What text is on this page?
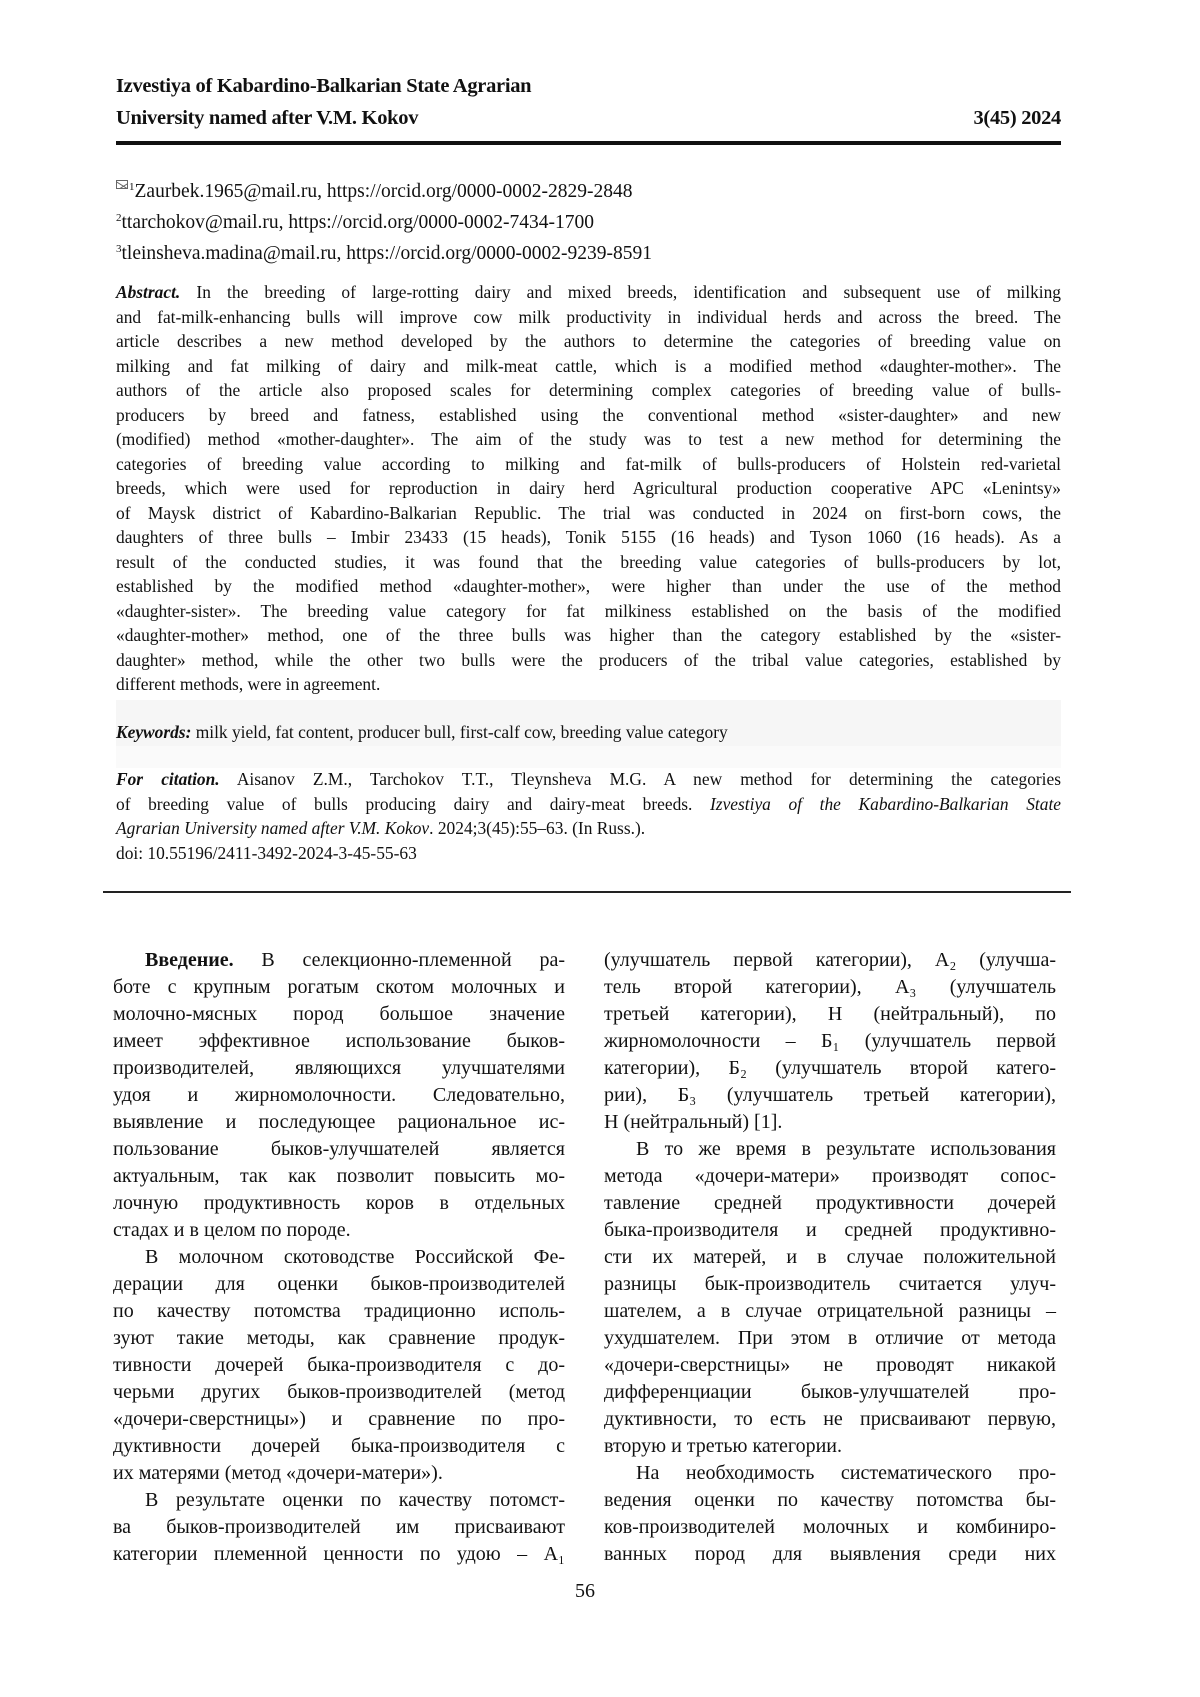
Izvestiya of Kabardino-Balkarian State Agrarian
University named after V.M. Kokov	3(45) 2024
1Zaurbek.1965@mail.ru, https://orcid.org/0000-0002-2829-2848
2ttarchokov@mail.ru, https://orcid.org/0000-0002-7434-1700
3tleinsheva.madina@mail.ru, https://orcid.org/0000-0002-9239-8591
Abstract. In the breeding of large-rotting dairy and mixed breeds, identification and subsequent use of milking
and fat-milk-enhancing bulls will improve cow milk productivity in individual herds and across the breed. The
article describes a new method developed by the authors to determine the categories of breeding value on
milking and fat milking of dairy and milk-meat cattle, which is a modified method «daughter-mother». The
authors of the article also proposed scales for determining complex categories of breeding value of bulls-
producers by breed and fatness, established using the conventional method «sister-daughter» and new
(modified) method «mother-daughter». The aim of the study was to test a new method for determining the
categories of breeding value according to milking and fat-milk of bulls-producers of Holstein red-varietal
breeds, which were used for reproduction in dairy herd Agricultural production cooperative APC «Lenintsy»
of Maysk district of Kabardino-Balkarian Republic. The trial was conducted in 2024 on first-born cows, the
daughters of three bulls – Imbir 23433 (15 heads), Tonik 5155 (16 heads) and Tyson 1060 (16 heads). As a
result of the conducted studies, it was found that the breeding value categories of bulls-producers by lot,
established by the modified method «daughter-mother», were higher than under the use of the method
«daughter-sister». The breeding value category for fat milkiness established on the basis of the modified
«daughter-mother» method, one of the three bulls was higher than the category established by the «sister-
daughter» method, while the other two bulls were the producers of the tribal value categories, established by
different methods, were in agreement.
Keywords: milk yield, fat content, producer bull, first-calf cow, breeding value category
For citation. Aisanov Z.M., Tarchokov T.T., Tleynsheva M.G. A new method for determining the categories
of breeding value of bulls producing dairy and dairy-meat breeds. Izvestiya of the Kabardino-Balkarian State
Agrarian University named after V.M. Kokov. 2024;3(45):55–63. (In Russ.).
doi: 10.55196/2411-3492-2024-3-45-55-63
Введение. В селекционно-племенной ра-
боте с крупным рогатым скотом молочных и
молочно-мясных пород большое значение
имеет эффективное использование быков-
производителей, являющихся улучшателями
удоя и жирномолочности. Следовательно,
выявление и последующее рациональное ис-
пользование быков-улучшателей является
актуальным, так как позволит повысить мо-
лочную продуктивность коров в отдельных
стадах и в целом по породе.
В молочном скотоводстве Российской Фе-
дерации для оценки быков-производителей
по качеству потомства традиционно исполь-
зуют такие методы, как сравнение продук-
тивности дочерей быка-производителя с до-
черьми других быков-производителей (метод
«дочери-сверстницы») и сравнение по про-
дуктивности дочерей быка-производителя с
их матерями (метод «дочери-матери»).
В результате оценки по качеству потомст-
ва быков-производителей им присваивают
категории племенной ценности по удою – А₁
(улучшатель первой категории), А₂ (улучша-
тель второй категории), А₃ (улучшатель
третьей категории), Н (нейтральный), по
жирномолочности – Б₁ (улучшатель первой
категории), Б₂ (улучшатель второй катего-
рии), Б₃ (улучшатель третьей категории),
Н (нейтральный) [1].
В то же время в результате использования
метода «дочери-матери» производят сопос-
тавление средней продуктивности дочерей
быка-производителя и средней продуктивно-
сти их матерей, и в случае положительной
разницы бык-производитель считается улуч-
шателем, а в случае отрицательной разницы –
ухудшателем. При этом в отличие от метода
«дочери-сверстницы» не проводят никакой
дифференциации быков-улучшателей про-
дуктивности, то есть не присваивают первую,
вторую и третью категории.
На необходимость систематического про-
ведения оценки по качеству потомства бы-
ков-производителей молочных и комбиниро-
ванных пород для выявления среди них
56
